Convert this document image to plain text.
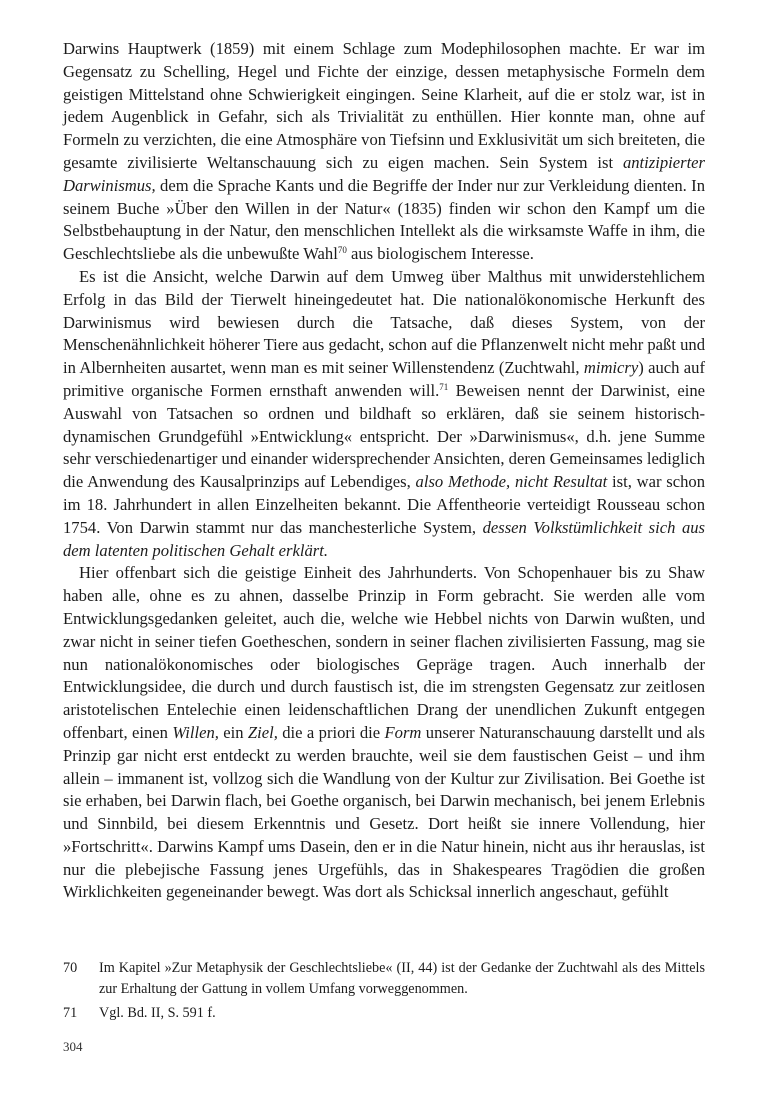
Darwins Hauptwerk (1859) mit einem Schlage zum Modephilosophen machte. Er war im Gegensatz zu Schelling, Hegel und Fichte der einzige, dessen metaphysische Formeln dem geistigen Mittelstand ohne Schwierigkeit eingingen. Seine Klarheit, auf die er stolz war, ist in jedem Augenblick in Gefahr, sich als Trivialität zu enthüllen. Hier konnte man, ohne auf Formeln zu verzichten, die eine Atmosphäre von Tiefsinn und Exklusivität um sich breiteten, die gesamte zivilisierte Weltanschauung sich zu eigen machen. Sein System ist antizipierter Darwinismus, dem die Sprache Kants und die Begriffe der Inder nur zur Verkleidung dienten. In seinem Buche »Über den Willen in der Natur« (1835) finden wir schon den Kampf um die Selbstbehauptung in der Natur, den menschlichen Intellekt als die wirksamste Waffe in ihm, die Geschlechtsliebe als die unbewußte Wahl$^{70}$ aus biologischem Interesse.

Es ist die Ansicht, welche Darwin auf dem Umweg über Malthus mit unwiderstehlichem Erfolg in das Bild der Tierwelt hineingedeutet hat. Die nationalökonomische Herkunft des Darwinismus wird bewiesen durch die Tatsache, daß dieses System, von der Menschenähnlichkeit höherer Tiere aus gedacht, schon auf die Pflanzenwelt nicht mehr paßt und in Albernheiten ausartet, wenn man es mit seiner Willenstendenz (Zuchtwahl, mimicry) auch auf primitive organische Formen ernsthaft anwenden will.$^{71}$ Beweisen nennt der Darwinist, eine Auswahl von Tatsachen so ordnen und bildhaft so erklären, daß sie seinem historisch-dynamischen Grundgefühl »Entwicklung« entspricht. Der »Darwinismus«, d.h. jene Summe sehr verschiedenartiger und einander widersprechender Ansichten, deren Gemeinsames lediglich die Anwendung des Kausalprinzips auf Lebendiges, also Methode, nicht Resultat ist, war schon im 18. Jahrhundert in allen Einzelheiten bekannt. Die Affentheorie verteidigt Rousseau schon 1754. Von Darwin stammt nur das manchesterliche System, dessen Volkstümlichkeit sich aus dem latenten politischen Gehalt erklärt.

Hier offenbart sich die geistige Einheit des Jahrhunderts. Von Schopenhauer bis zu Shaw haben alle, ohne es zu ahnen, dasselbe Prinzip in Form gebracht. Sie werden alle vom Entwicklungsgedanken geleitet, auch die, welche wie Hebbel nichts von Darwin wußten, und zwar nicht in seiner tiefen Goetheschen, sondern in seiner flachen zivilisierten Fassung, mag sie nun nationalökonomisches oder biologisches Gepräge tragen. Auch innerhalb der Entwicklungsidee, die durch und durch faustisch ist, die im strengsten Gegensatz zur zeitlosen aristotelischen Entelechie einen leidenschaftlichen Drang der unendlichen Zukunft entgegen offenbart, einen Willen, ein Ziel, die a priori die Form unserer Naturanschauung darstellt und als Prinzip gar nicht erst entdeckt zu werden brauchte, weil sie dem faustischen Geist – und ihm allein – immanent ist, vollzog sich die Wandlung von der Kultur zur Zivilisation. Bei Goethe ist sie erhaben, bei Darwin flach, bei Goethe organisch, bei Darwin mechanisch, bei jenem Erlebnis und Sinnbild, bei diesem Erkenntnis und Gesetz. Dort heißt sie innere Vollendung, hier »Fortschritt«. Darwins Kampf ums Dasein, den er in die Natur hinein, nicht aus ihr herauslas, ist nur die plebejische Fassung jenes Urgefühls, das in Shakespeares Tragödien die großen Wirklichkeiten gegeneinander bewegt. Was dort als Schicksal innerlich angeschaut, gefühlt

70	Im Kapitel »Zur Metaphysik der Geschlechtsliebe« (II, 44) ist der Gedanke der Zuchtwahl als des Mittels zur Erhaltung der Gattung in vollem Umfang vorweggenommen.
71	Vgl. Bd. II, S. 591 f.
304
